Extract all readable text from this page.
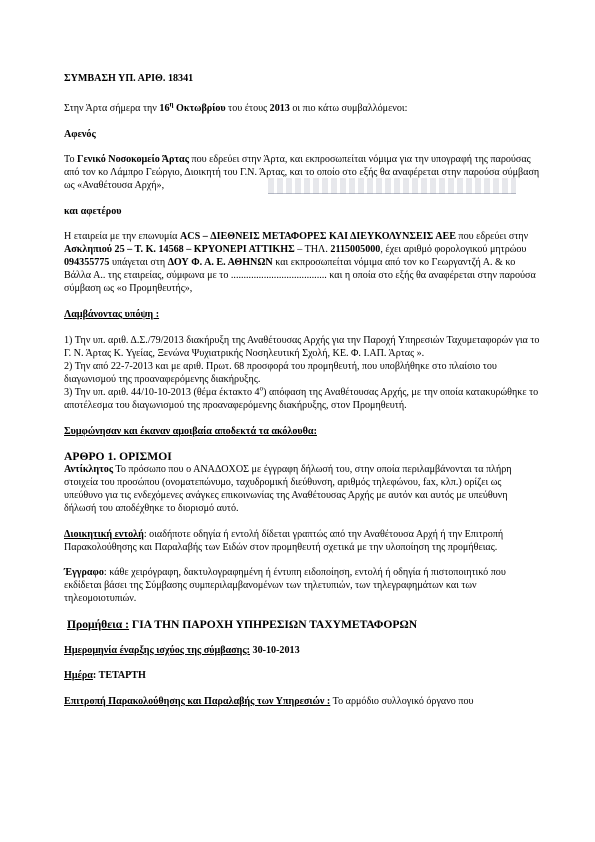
ΣΥΜΒΑΣΗ ΥΠ. ΑΡΙΘ. 18341

Στην Άρτα σήμερα την $16^\eta$ Οκτωβρίου του έτους 2013 οι πιο κάτω συμβαλλόμενοι:

Αφενός

Το Γενικό Νοσοκομείο Άρτας που εδρεύει στην Άρτα, και εκπροσωπείται νόμιμα για την υπογραφή της παρούσας από τον κο Λάμπρο Γεώργιο, Διοικητή του Γ.Ν. Άρτας, και το οποίο στο εξής θα αναφέρεται στην παρούσα σύμβαση ως «Αναθέτουσα Αρχή»,

και αφετέρου

Η εταιρεία με την επωνυμία ACS – ΔΙΕΘΝΕΙΣ ΜΕΤΑΦΟΡΕΣ ΚΑΙ ΔΙΕΥΚΟΛΥΝΣΕΙΣ ΑΕΕ που εδρεύει στην Ασκληπιού 25 – Τ. Κ. 14568 – ΚΡΥΟΝΕΡΙ ΑΤΤΙΚΗΣ – ΤΗΛ. 2115005000, έχει αριθμό φορολογικού μητρώου 094355775 υπάγεται στη ΔΟΥ Φ. Α. Ε. ΑΘΗΝΩΝ και εκπροσωπείται νόμιμα από τον κο Γεωργαντζή Α. & κο Βάλλα Α.. της εταιρείας, σύμφωνα με το ...................................... και η οποία στο εξής θα αναφέρεται στην παρούσα σύμβαση ως «ο Προμηθευτής»,

Λαμβάνοντας υπόψη :

1) Την υπ. αριθ. Δ.Σ./79/2013 διακήρυξη της Αναθέτουσας Αρχής για την Παροχή Υπηρεσιών Ταχυμεταφορών για το Γ. Ν. Άρτας Κ. Υγείας, Ξενώνα Ψυχιατρικής Νοσηλευτική Σχολή, ΚΕ. Φ. Ι.ΑΠ. Άρτας ».

2) Την από 22-7-2013 και με αριθ. Πρωτ. 68 προσφορά του προμηθευτή, που υποβλήθηκε στο πλαίσιο του διαγωνισμού της προαναφερόμενης διακήρυξης.

3) Την υπ. αριθ. 44/10-10-2013 (θέμα έκτακτο $4^o$) απόφαση της Αναθέτουσας Αρχής, με την οποία κατακυρώθηκε το αποτέλεσμα του διαγωνισμού της προαναφερόμενης διακήρυξης, στον Προμηθευτή.

Συμφώνησαν και έκαναν αμοιβαία αποδεκτά τα ακόλουθα:

ΑΡΘΡΟ 1. ΟΡΙΣΜΟΙ

Αντίκλητος Το πρόσωπο που ο ΑΝΑΔΟΧΟΣ με έγγραφη δήλωσή του, στην οποία περιλαμβάνονται τα πλήρη στοιχεία του προσώπου (ονοματεπώνυμο, ταχυδρομική διεύθυνση, αριθμός τηλεφώνου, fax, κλπ.) ορίζει ως υπεύθυνο για τις ενδεχόμενες ανάγκες επικοινωνίας της Αναθέτουσας Αρχής με αυτόν και αυτός με υπεύθυνη δήλωσή του αποδέχθηκε το διορισμό αυτό.

Διοικητική εντολή: οιαδήποτε οδηγία ή εντολή δίδεται γραπτώς από την Αναθέτουσα Αρχή ή την Επιτροπή Παρακολούθησης και Παραλαβής των Ειδών στον προμηθευτή σχετικά με την υλοποίηση της προμήθειας.

Έγγραφο: κάθε χειρόγραφη, δακτυλογραφημένη ή έντυπη ειδοποίηση, εντολή ή οδηγία ή πιστοποιητικό που εκδίδεται βάσει της Σύμβασης συμπεριλαμβανομένων των τηλετυπιών, των τηλεγραφημάτων και των τηλεομοιοτυπιών.

Προμήθεια : ΓΙΑ ΤΗΝ ΠΑΡΟΧΗ ΥΠΗΡΕΣΙΩΝ ΤΑΧΥΜΕΤΑΦΟΡΩΝ

Ημερομηνία έναρξης ισχύος της σύμβασης: 30-10-2013

Ημέρα: ΤΕΤΑΡΤΗ

Επιτροπή Παρακολούθησης και Παραλαβής των Υπηρεσιών : Το αρμόδιο συλλογικό όργανο που
